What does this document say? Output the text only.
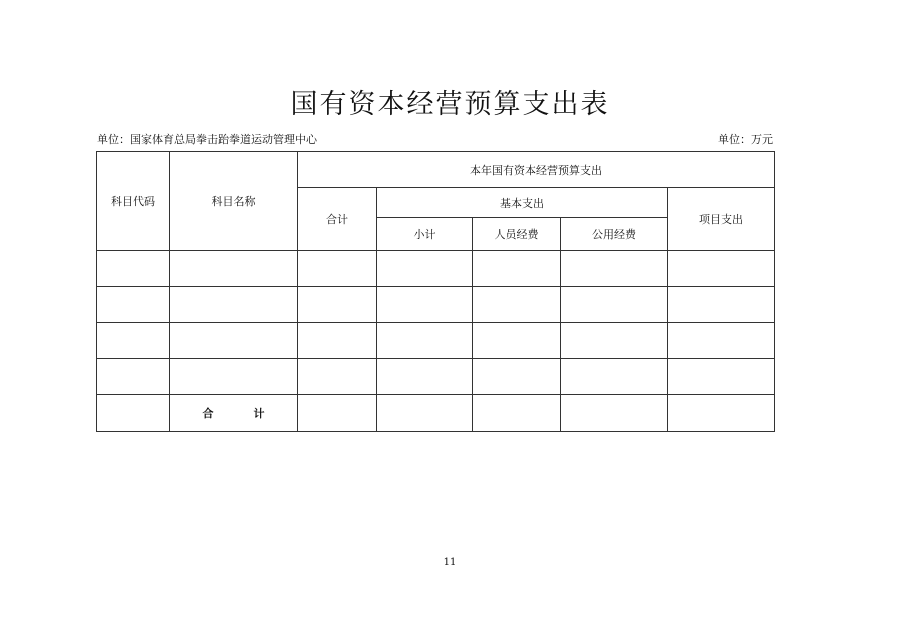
国有资本经营预算支出表
单位：国家体育总局拳击跆拳道运动管理中心	单位：万元
科目代码	科目名称	本年国有资本经营预算支出				
		合计	基本支出			项目支出
			小计	人员经费	公用经费	

	合 计					
11
